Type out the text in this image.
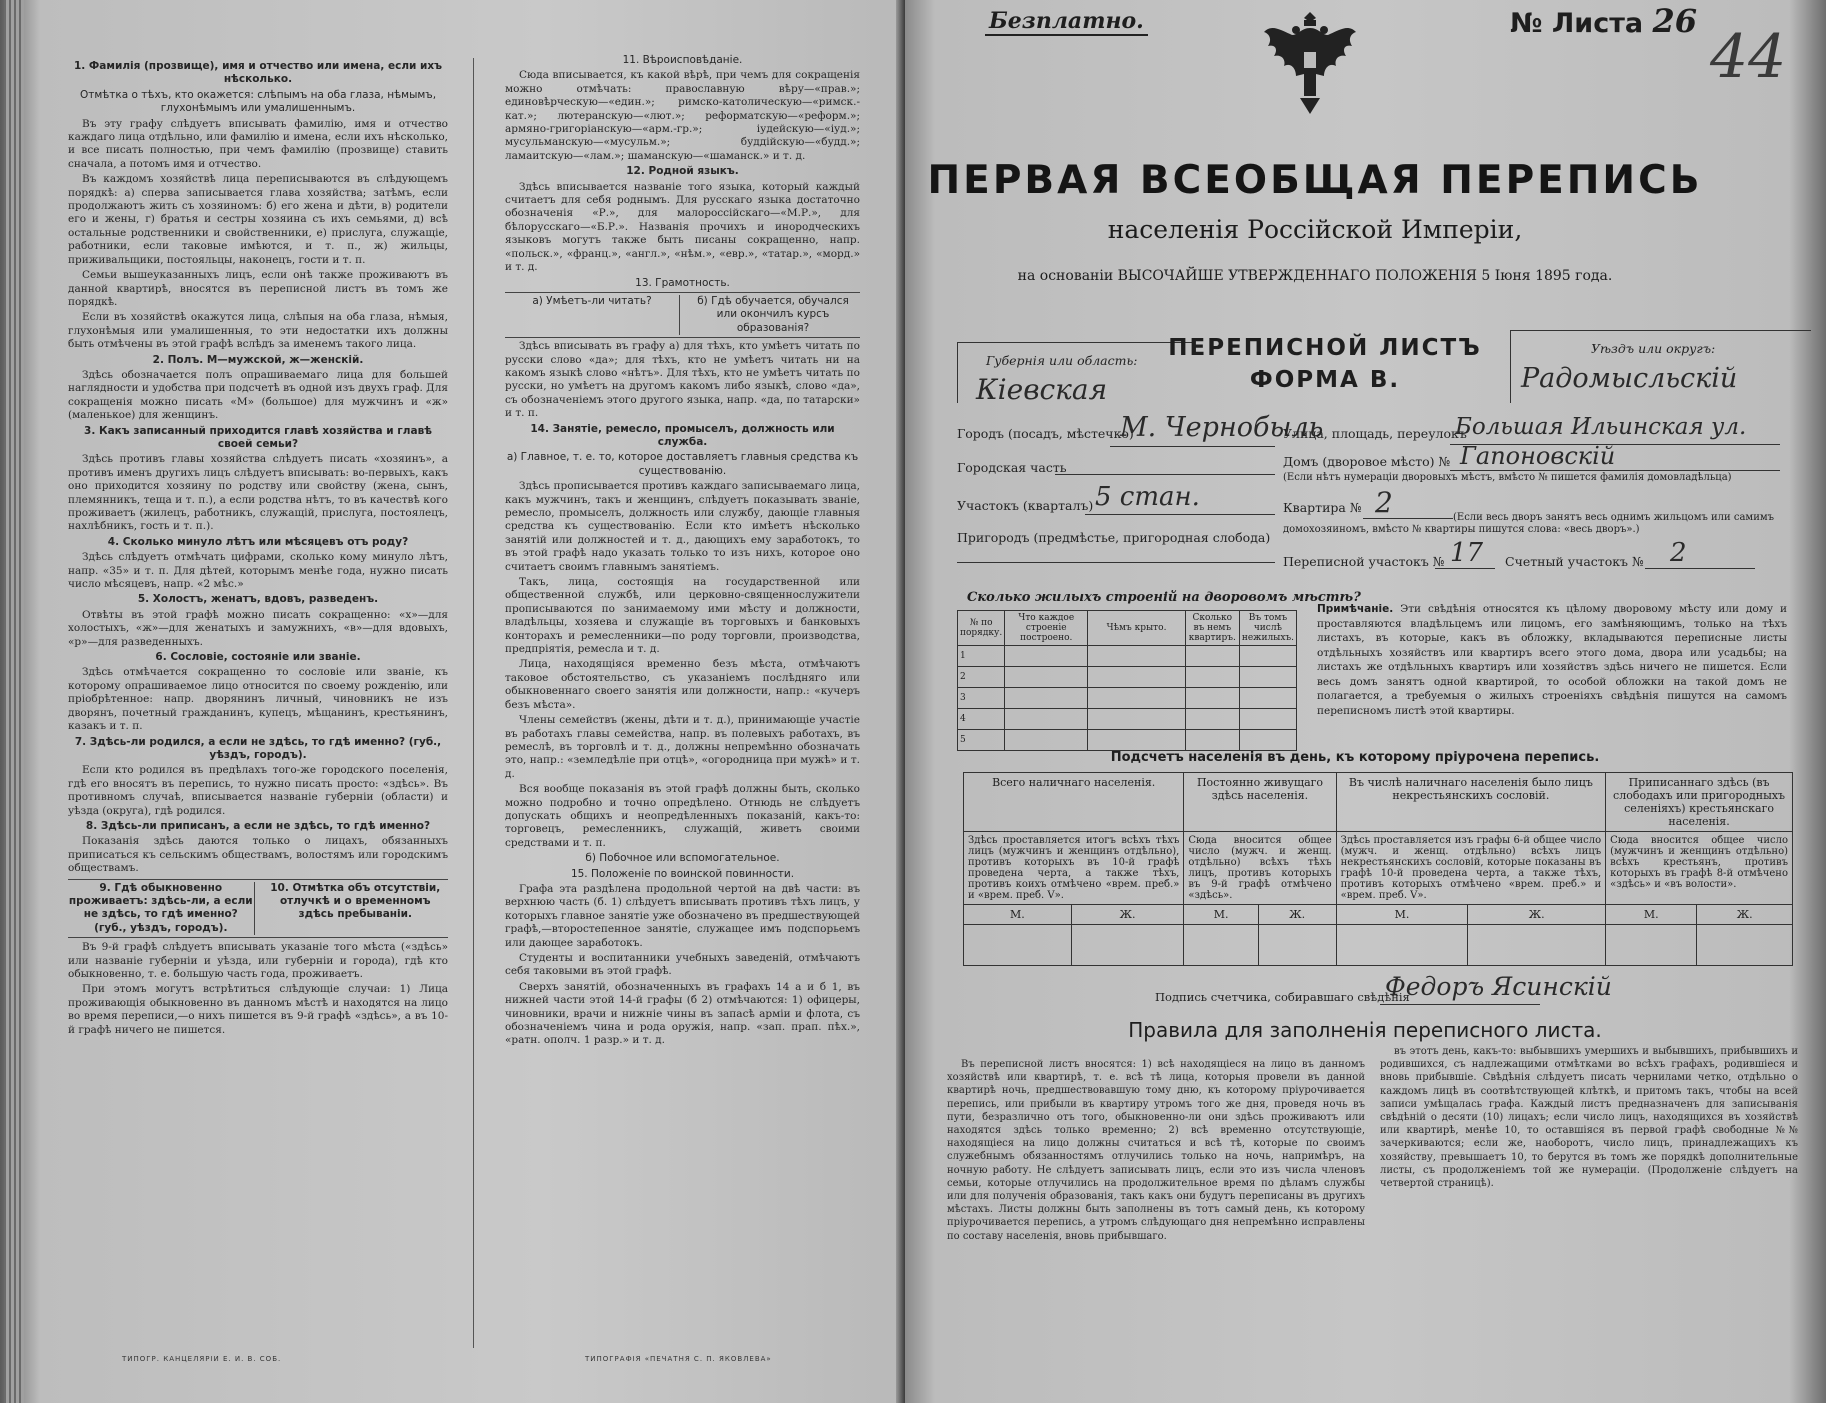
1. Фамилія (прозвище), имя и отчество или имена, если ихъ нѣсколько.
Отмѣтка о тѣхъ, кто окажется: слѣпымъ на оба глаза, нѣмымъ, глухонѣмымъ или умалишеннымъ.

Въ эту графу слѣдуетъ вписывать фамилію, имя и отчество каждаго лица отдѣльно, или фамилію и имена, если ихъ нѣсколько, и все писать полностью, при чемъ фамилію (прозвище) ставить сначала, а потомъ имя и отчество.

Въ каждомъ хозяйствѣ лица переписываются въ слѣдующемъ порядкѣ: а) сперва записывается глава хозяйства; затѣмъ, если продолжаютъ жить съ хозяиномъ: б) его жена и дѣти, в) родители его и жены, г) братья и сестры хозяина съ ихъ семьями, д) всѣ остальные родственники и свойственники, е) прислуга, служащіе, работники, если таковые имѣются, и т. п., ж) жильцы, приживальщики, постояльцы, наконецъ, гости и т. п.

Семьи вышеуказанныхъ лицъ, если онѣ также проживаютъ въ данной квартирѣ, вносятся въ переписной листъ въ томъ же порядкѣ.

Если въ хозяйствѣ окажутся лица, слѣпыя на оба глаза, нѣмыя, глухонѣмыя или умалишенныя, то эти недостатки ихъ должны быть отмѣчены въ этой графѣ вслѣдъ за именемъ такого лица.

2. Полъ. М—мужской, ж—женскій.

Здѣсь обозначается полъ опрашиваемаго лица для большей наглядности и удобства при подсчетѣ въ одной изъ двухъ граф. Для сокращенія можно писать «М» (большое) для мужчинъ и «ж» (маленькое) для женщинъ.

3. Какъ записанный приходится главѣ хозяйства и главѣ своей семьи?

Здѣсь противъ главы хозяйства слѣдуетъ писать «хозяинъ», а противъ именъ другихъ лицъ слѣдуетъ вписывать: во-первыхъ, какъ оно приходится хозяину по родству или свойству (жена, сынъ, племянникъ, теща и т. п.), а если родства нѣтъ, то въ качествѣ кого проживаетъ (жилецъ, работникъ, служащій, прислуга, постоялецъ, нахлѣбникъ, гость и т. п.).

4. Сколько минуло лѣтъ или мѣсяцевъ отъ роду?

Здѣсь слѣдуетъ отмѣчать цифрами, сколько кому минуло лѣтъ, напр. «35» и т. п. Для дѣтей, которымъ менѣе года, нужно писать число мѣсяцевъ, напр. «2 мѣс.»

5. Холостъ, женатъ, вдовъ, разведенъ.

Отвѣты въ этой графѣ можно писать сокращенно: «х»—для холостыхъ, «ж»—для женатыхъ и замужнихъ, «в»—для вдовыхъ, «р»—для разведенныхъ.

6. Сословіе, состояніе или званіе.

Здѣсь отмѣчается сокращенно то сословіе или званіе, къ которому опрашиваемое лицо относится по своему рожденію, или пріобрѣтенное: напр. дворянинъ личный, чиновникъ не изъ дворянъ, почетный гражданинъ, купецъ, мѣщанинъ, крестьянинъ, казакъ и т. п.

7. Здѣсь-ли родился, а если не здѣсь, то гдѣ именно? (губ., уѣздъ, городъ).

Если кто родился въ предѣлахъ того-же городского поселенія, гдѣ его вносятъ въ перепись, то нужно писать просто: «здѣсь». Въ противномъ случаѣ, вписывается названіе губерніи (области) и уѣзда (округа), гдѣ родился.

8. Здѣсь-ли приписанъ, а если не здѣсь, то гдѣ именно?

Показанія здѣсь даются только о лицахъ, обязанныхъ приписаться къ сельскимъ обществамъ, волостямъ или городскимъ обществамъ.

9. Гдѣ обыкновенно проживаетъ: здѣсь-ли, а если не здѣсь, то гдѣ именно? (губ., уѣздъ, городъ).
10. Отмѣтка объ отсутствіи, отлучкѣ и о временномъ здѣсь пребываніи.

Въ 9-й графѣ слѣдуетъ вписывать указаніе того мѣста («здѣсь» или названіе губерніи и уѣзда, или губерніи и города), гдѣ кто обыкновенно, т. е. большую часть года, проживаетъ.

При этомъ могутъ встрѣтиться слѣдующіе случаи: 1) Лица проживающія обыкновенно въ данномъ мѣстѣ и находятся на лицо во время переписи,—о нихъ пишется въ 9-й графѣ «здѣсь», а въ 10-й графѣ ничего не пишется.

11. Вѣроисповѣданіе.

Сюда вписывается, къ какой вѣрѣ, при чемъ для сокращенія можно отмѣчать: православную вѣру—«прав.»; единовѣрческую—«един.»; римско-католическую—«римск.-кат.»; лютеранскую—«лют.»; реформатскую—«реформ.»; армяно-григоріанскую—«арм.-гр.»; іудейскую—«іуд.»; мусульманскую—«мусульм.»; буддійскую—«будд.»; ламаитскую—«лам.»; шаманскую—«шаманск.» и т. д.

12. Родной языкъ.

Здѣсь вписывается названіе того языка, который каждый считаетъ для себя роднымъ. Для русскаго языка достаточно обозначенія «Р.», для малороссійскаго—«М.Р.», для бѣлорусскаго—«Б.Р.». Названія прочихъ и инородческихъ языковъ могутъ также быть писаны сокращенно, напр. «польск.», «франц.», «англ.», «нѣм.», «евр.», «татар.», «морд.» и т. д.

13. Грамотность.
а) Умѣетъ-ли читать?	б) Гдѣ обучается, обучался или окончилъ курсъ образованія?

Здѣсь вписывать въ графу а) для тѣхъ, кто умѣетъ читать по русски слово «да»; для тѣхъ, кто не умѣетъ читать ни на какомъ языкѣ слово «нѣтъ». Для тѣхъ, кто не умѣетъ читать по русски, но умѣетъ на другомъ какомъ либо языкѣ, слово «да», съ обозначеніемъ этого другого языка, напр. «да, по татарски» и т. п.

14. Занятіе, ремесло, промыселъ, должность или служба.
а) Главное, т. е. то, которое доставляетъ главныя средства къ существованію.

Здѣсь прописывается противъ каждаго записываемаго лица, какъ мужчинъ, такъ и женщинъ, слѣдуетъ показывать званіе, ремесло, промыселъ, должность или службу, дающіе главныя средства къ существованію. Если кто имѣетъ нѣсколько занятій или должностей и т. д., дающихъ ему заработокъ, то въ этой графѣ надо указать только то изъ нихъ, которое оно считаетъ своимъ главнымъ занятіемъ.

Такъ, лица, состоящія на государственной или общественной службѣ, или церковно-священнослужители прописываются по занимаемому ими мѣсту и должности, владѣльцы, хозяева и служащіе въ торговыхъ и банковыхъ конторахъ и ремесленники—по роду торговли, производства, предпріятія, ремесла и т. д.

Лица, находящіяся временно безъ мѣста, отмѣчаютъ таковое обстоятельство, съ указаніемъ послѣдняго или обыкновеннаго своего занятія или должности, напр.: «кучеръ безъ мѣста».

Члены семействъ (жены, дѣти и т. д.), принимающіе участіе въ работахъ главы семейства, напр. въ полевыхъ работахъ, въ ремеслѣ, въ торговлѣ и т. д., должны непремѣнно обозначать это, напр.: «земледѣліе при отцѣ», «огородница при мужѣ» и т. д.

Вся вообще показанія въ этой графѣ должны быть, сколько можно подробно и точно опредѣлено. Отнюдь не слѣдуетъ допускать общихъ и неопредѣленныхъ показаній, какъ-то: торговецъ, ремесленникъ, служащій, живетъ своими средствами и т. п.

б) Побочное или вспомогательное.
15. Положеніе по воинской повинности.

Графа эта раздѣлена продольной чертой на двѣ части: въ верхнюю часть (б. 1) слѣдуетъ вписывать противъ тѣхъ лицъ, у которыхъ главное занятіе уже обозначено въ предшествующей графѣ,—второстепенное занятіе, служащее имъ подспорьемъ или дающее заработокъ.

Студенты и воспитанники учебныхъ заведеній, отмѣчаютъ себя таковыми въ этой графѣ.

Сверхъ занятій, обозначенныхъ въ графахъ 14 а и б 1, въ нижней части этой 14-й графы (б 2) отмѣчаются: 1) офицеры, чиновники, врачи и нижніе чины въ запасѣ арміи и флота, съ обозначеніемъ чина и рода оружія, напр. «зап. прап. пѣх.», «ратн. ополч. 1 разр.» и т. д.

ТИПОГР. КАНЦЕЛЯРІИ Е. И. В. СОБ.	ТИПОГРАФІЯ «ПЕЧАТНЯ С. П. ЯКОВЛЕВА»
Безплатно.	№ Листа 26
44
ПЕРВАЯ ВСЕОБЩАЯ ПЕРЕПИСЬ
населенія Россійской Имперіи,
на основаніи ВЫСОЧАЙШЕ УТВЕРЖДЕННАГО ПОЛОЖЕНІЯ 5 Іюня 1895 года.
Губернія или область:
Кіевская
ПЕРЕПИСНОЙ ЛИСТЪ
ФОРМА В.
Уѣздъ или округъ:
Радомысльскій
Городъ (посадъ, мѣстечко)
М. Чернобыль
Городская часть
Участокъ (кварталъ) 5 стан.
Пригородъ (предмѣстье, пригородная слобода)
Улица, площадь, переулокъ
Большая Ильинская ул.
Домъ (дворовое мѣсто) № Гапоновскій
(Если нѣтъ нумераціи дворовыхъ мѣстъ, вмѣсто № пишется фамилія домовладѣльца)
Квартира № 2	(Если весь дворъ занятъ весь однимъ жильцомъ или самимъ домохозяиномъ, вмѣсто № квартиры пишутся слова: «весь дворъ».)
Переписной участокъ № 17 Счетный участокъ № 2
Сколько жилыхъ строеній на дворовомъ мѣстѣ?
№ по порядку.	Что каждое строеніе построено.	Чѣмъ крыто.	Сколько въ немъ квартиръ.	Въ томъ числѣ нежилыхъ.
1				
2				
3				
4				
5				
Примѣчаніе. Эти свѣдѣнія относятся къ цѣлому дворовому мѣсту или дому и проставляются владѣльцемъ или лицомъ, его замѣняющимъ, только на тѣхъ листахъ, въ которые, какъ въ обложку, вкладываются переписные листы отдѣльныхъ хозяйствъ или квартиръ всего этого дома, двора или усадьбы; на листахъ же отдѣльныхъ квартиръ или хозяйствъ здѣсь ничего не пишется. Если весь домъ занятъ одной квартирой, то особой обложки на такой домъ не полагается, а требуемыя о жилыхъ строеніяхъ свѣдѣнія пишутся на самомъ переписномъ листѣ этой квартиры.
Подсчетъ населенія въ день, къ которому пріурочена перепись.
Всего наличнаго населенія.		Постоянно живущаго здѣсь населенія.		Въ числѣ наличнаго населенія было лицъ некрестьянскихъ сословій.		Приписаннаго здѣсь (въ слободахъ или пригородныхъ селеніяхъ) крестьянскаго населенія.	
Здѣсь проставляется итогъ всѣхъ тѣхъ лицъ (мужчинъ и женщинъ отдѣльно), противъ которыхъ въ 10-й графѣ проведена черта, а также тѣхъ, противъ коихъ отмѣчено «врем. преб.» и «врем. преб. V».		Сюда вносится общее число (мужч. и женщ. отдѣльно) всѣхъ тѣхъ лицъ, противъ которыхъ въ 9-й графѣ отмѣчено «здѣсь».		Здѣсь проставляется изъ графы 6-й общее число (мужч. и женщ. отдѣльно) всѣхъ лицъ некрестьянскихъ сословій, которые показаны въ графѣ 10-й проведена черта, а также тѣхъ, противъ которыхъ отмѣчено «врем. преб.» и «врем. преб. V».		Сюда вносится общее число (мужчинъ и женщинъ отдѣльно) всѣхъ крестьянъ, противъ которыхъ въ графѣ 8-й отмѣчено «здѣсь» и «въ волости».	
М.	Ж.	М.	Ж.	М.	Ж.	М.	Ж.

Подпись счетчика, собиравшаго свѣдѣнія
Федоръ Ясинскій
Правила для заполненія переписного листа.

Въ переписной листъ вносятся: 1) всѣ находящіеся на лицо въ данномъ хозяйствѣ или квартирѣ, т. е. всѣ тѣ лица, которыя провели въ данной квартирѣ ночь, предшествовавшую тому дню, къ которому пріурочивается перепись, или прибыли въ квартиру утромъ того же дня, проведя ночь въ пути, безразлично отъ того, обыкновенно-ли они здѣсь проживаютъ или находятся здѣсь только временно; 2) всѣ временно отсутствующіе, находящіеся на лицо должны считаться и всѣ тѣ, которые по своимъ служебнымъ обязанностямъ отлучились только на ночь, напримѣръ, на ночную работу. Не слѣдуетъ записывать лицъ, если это изъ числа членовъ семьи, которые отлучились на продолжительное время по дѣламъ службы или для полученія образованія, такъ какъ они будутъ переписаны въ другихъ мѣстахъ. Листы должны быть заполнены въ тотъ самый день, къ которому пріурочивается перепись, а утромъ слѣдующаго дня непремѣнно исправлены по составу населенія, вновь прибывшаго.

въ этотъ день, какъ-то: выбывшихъ умершихъ и выбывшихъ, прибывшихъ и родившихся, съ надлежащими отмѣтками во всѣхъ графахъ, родившіеся и вновь прибывшіе. Свѣдѣнія слѣдуетъ писать чернилами четко, отдѣльно о каждомъ лицѣ въ соотвѣтствующей клѣткѣ, и притомъ такъ, чтобы на всей записи умѣщалась графа. Каждый листъ предназначенъ для записыванія свѣдѣній о десяти (10) лицахъ; если число лицъ, находящихся въ хозяйствѣ или квартирѣ, менѣе 10, то оставшіяся въ первой графѣ свободные №№ зачеркиваются; если же, наоборотъ, число лицъ, принадлежащихъ къ хозяйству, превышаетъ 10, то берутся въ томъ же порядкѣ дополнительные листы, съ продолженіемъ той же нумераціи. (Продолженіе слѣдуетъ на четвертой страницѣ).
